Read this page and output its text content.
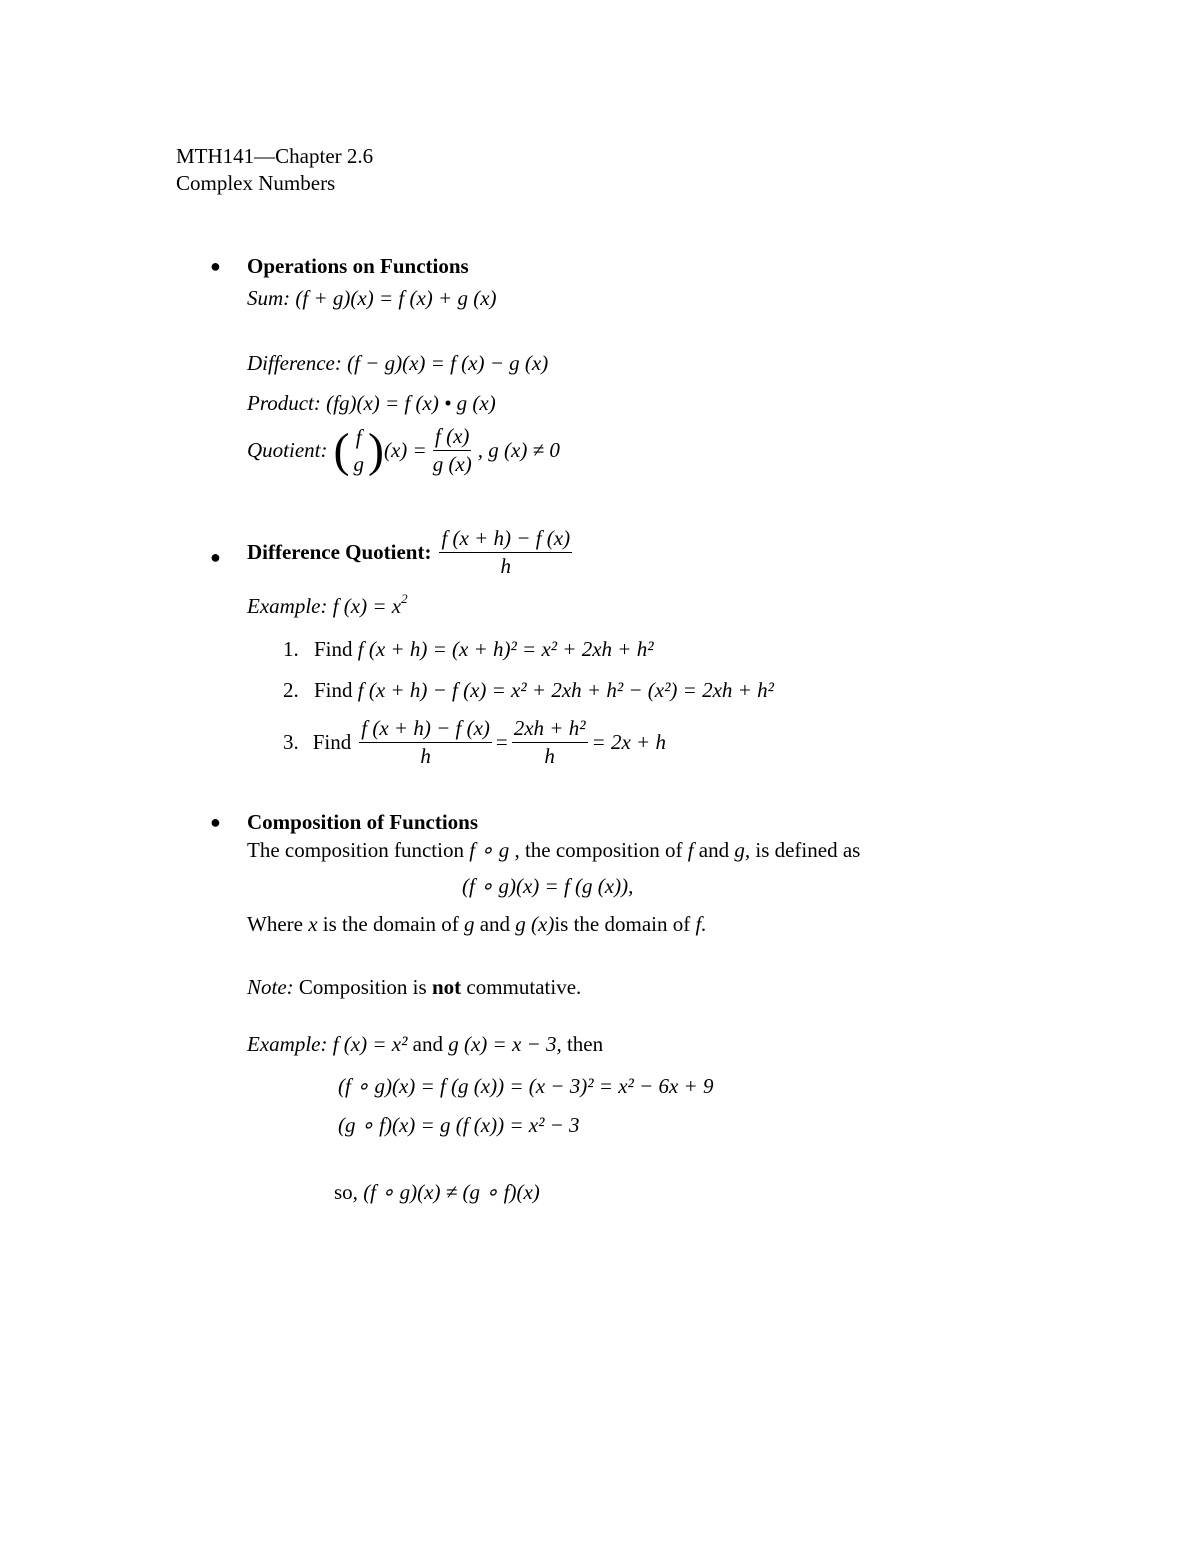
MTH141—Chapter 2.6
Complex Numbers
● Operations on Functions
Sum: (f + g)(x) = f (x) + g (x)
Difference: (f − g)(x) = f (x) − g (x)
Product: (fg)(x) = f (x) • g (x)
Quotient: ( f
g ) $(x) = \frac{f (x)}{g (x)}$ , g (x) ≠ 0
● Difference Quotient: $\frac{f (x + h) - f (x)}{h}$
Example: f $(x) = x^2$
1. Find f (x + h) = (x + h)² = x² + 2xh + h²
2. Find f (x + h) − f (x) = x² + 2xh + h² − (x²) = 2xh + h²
3. Find $\frac{f (x + h) - f (x)}{h} = \frac{\text{2xh + h²}}{h} = 2x + h$
● Composition of Functions
The composition function f ∘ g , the composition of f and g, is defined as
(f ∘ g)(x) = f (g (x)),
Where x is the domain of g and g (x)is the domain of f.
Note: Composition is not commutative.
Example: f (x) = x² and g (x) = x − 3, then
(f ∘ g)(x) = f (g (x)) = (x − 3)² = x² − 6x + 9
(g ∘ f)(x) = g (f (x)) = x² − 3
so, (f ∘ g)(x) ≠ (g ∘ f)(x)
